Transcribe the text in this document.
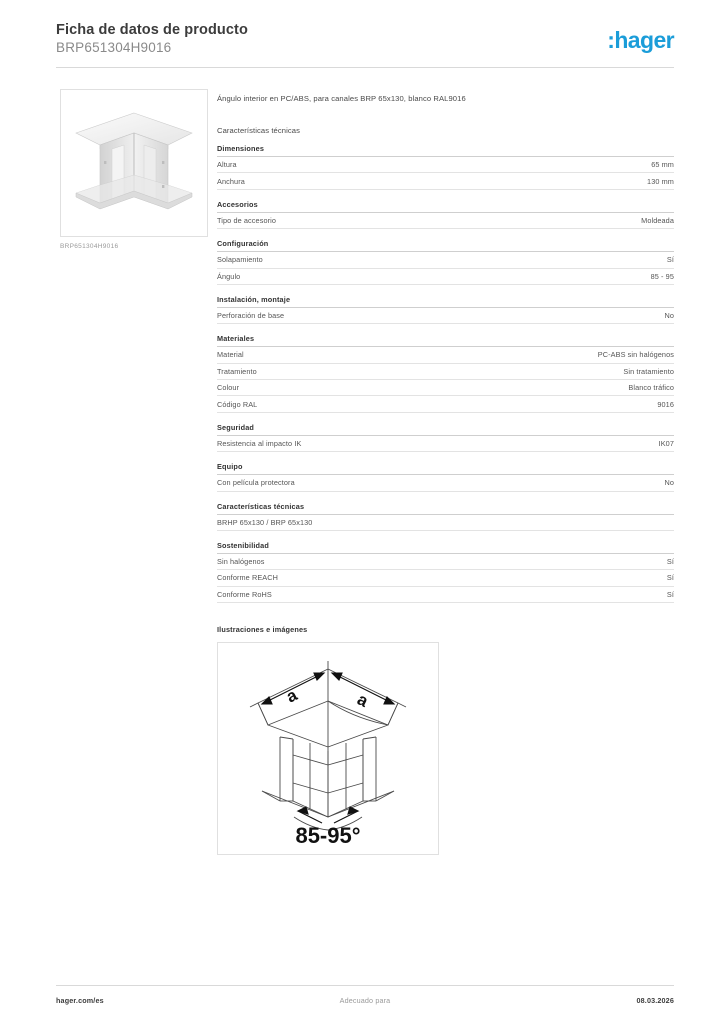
Ficha de datos de producto
BRP651304H9016	:hager
BRP651304H9016
Ángulo interior en PC/ABS, para canales BRP 65x130, blanco RAL9016
Características técnicas
Dimensiones
Altura	65 mm
Anchura	130 mm
Accesorios
Tipo de accesorio	Moldeada
Configuración
Solapamiento	Sí
Ángulo	85 - 95
Instalación, montaje
Perforación de base	No
Materiales
Material	PC-ABS sin halógenos
Tratamiento	Sin tratamiento
Colour	Blanco tráfico
Código RAL	9016
Seguridad
Resistencia al impacto IK	IK07
Equipo
Con película protectora	No
Características técnicas
BRHP 65x130 / BRP 65x130
Sostenibilidad
Sin halógenos	Sí
Conforme REACH	Sí
Conforme RoHS	Sí
Ilustraciones e imágenes
a	a
85-95°
hager.com/es	Adecuado para	08.03.2026
